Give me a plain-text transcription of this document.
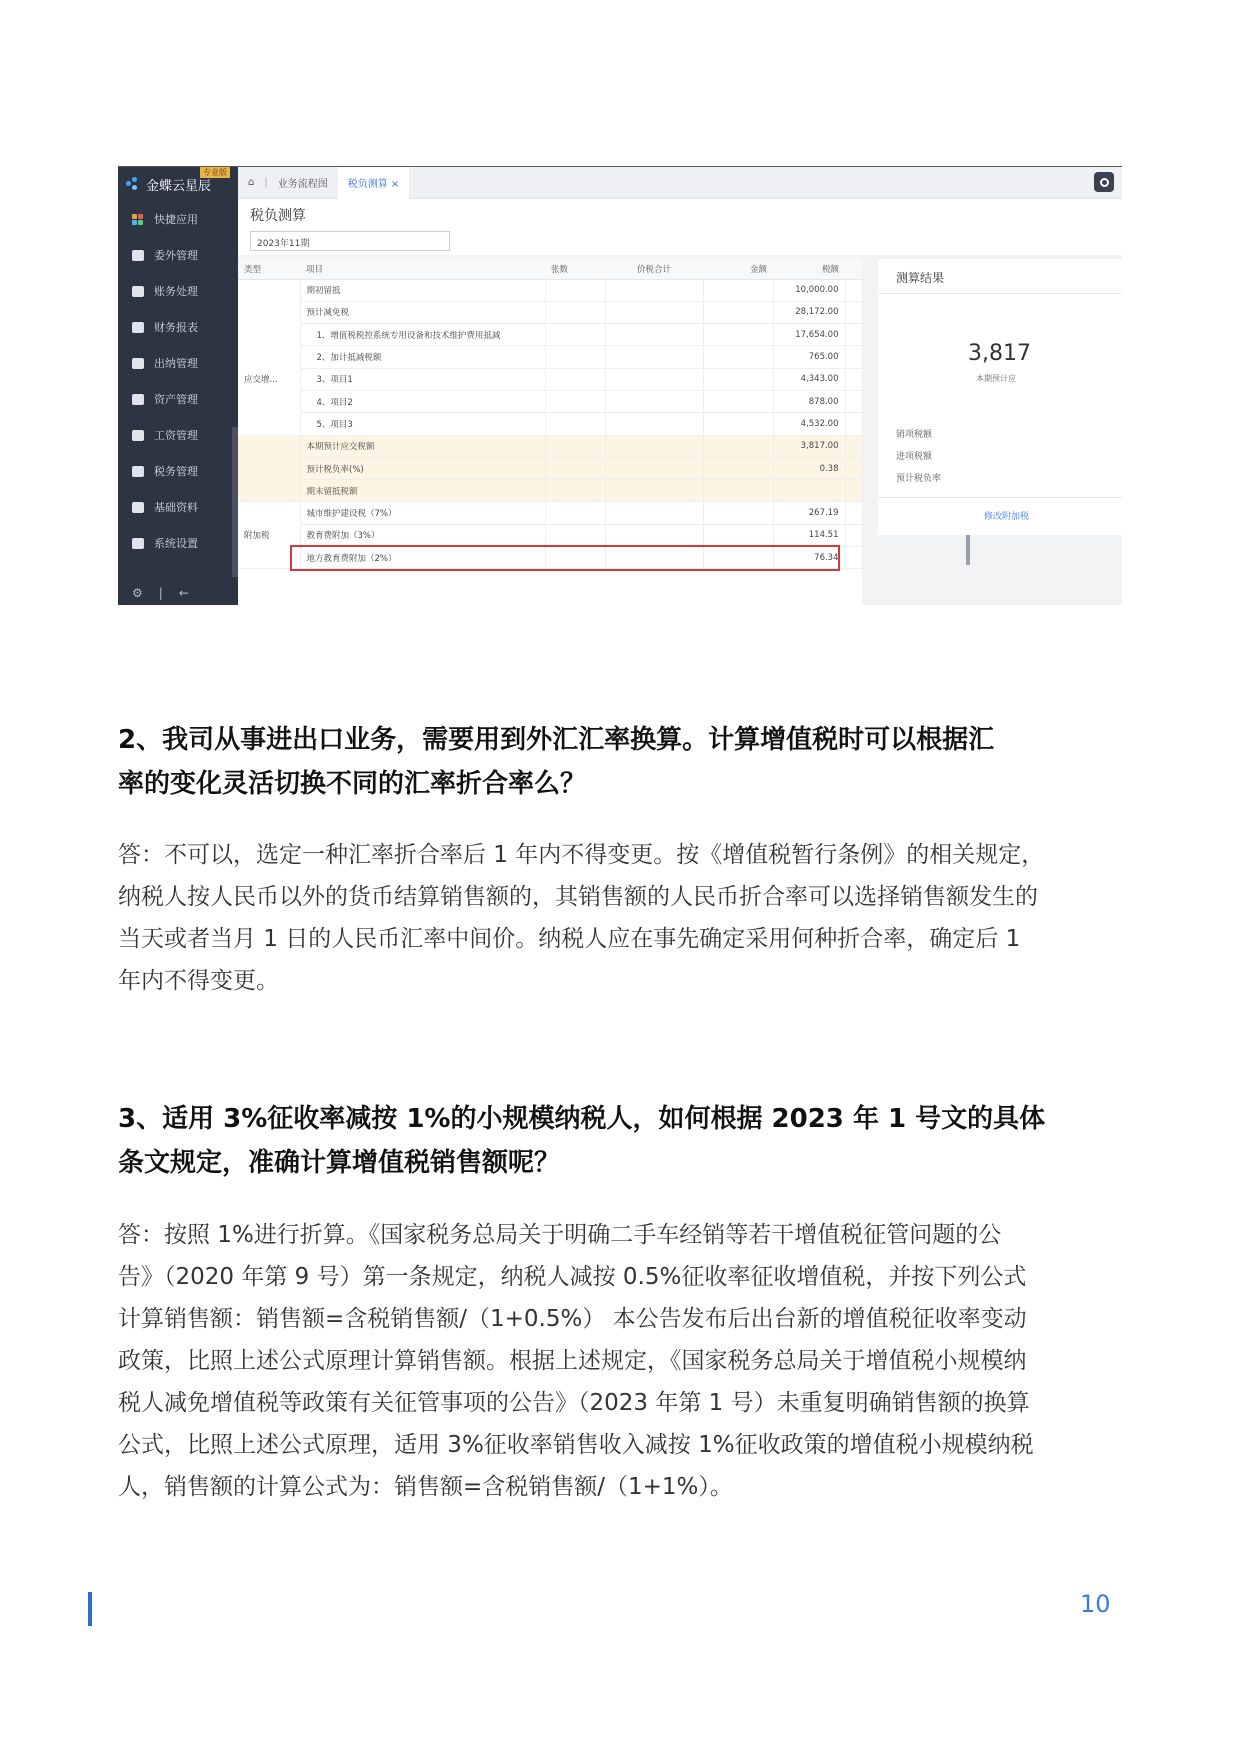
金蝶云星辰
专业版
快捷应用
委外管理
账务处理
财务报表
出纳管理
资产管理
工资管理
税务管理
基础资料
系统设置
⚙ | ←
⌂	|	业务流程图	税负测算 ×
税负测算
2023年11期
类型	项目	张数	价税合计	金额	税额	
	期初留抵				10,000.00	
	预计减免税				28,172.00	
	1、增值税税控系统专用设备和技术维护费用抵减				17,654.00	
	2、加计抵减税额				765.00	
应交增...	3、项目1				4,343.00	
	4、项目2				878.00	
	5、项目3				4,532.00	
	本期预计应交税额				3,817.00	
	预计税负率(%)				0.38	
	期末留抵税额					
	城市维护建设税（7%）				267.19	
附加税	教育费附加（3%）				114.51	
	地方教育费附加（2%）				76.34	
测算结果
3,817
本期预计应
销项税额
进项税额
预计税负率
修改附加税
2、我司从事进出口业务，需要用到外汇汇率换算。计算增值税时可以根据汇
率的变化灵活切换不同的汇率折合率么？
答：不可以，选定一种汇率折合率后 1 年内不得变更。按《增值税暂行条例》的相关规定，
纳税人按人民币以外的货币结算销售额的，其销售额的人民币折合率可以选择销售额发生的
当天或者当月 1 日的人民币汇率中间价。纳税人应在事先确定采用何种折合率，确定后 1
年内不得变更。
3、适用 3%征收率减按 1%的小规模纳税人，如何根据 2023 年 1 号文的具体
条文规定，准确计算增值税销售额呢？
答：按照 1%进行折算。《国家税务总局关于明确二手车经销等若干增值税征管问题的公
告》（2020 年第 9 号）第一条规定，纳税人减按 0.5%征收率征收增值税，并按下列公式
计算销售额：销售额=含税销售额/（1+0.5%） 本公告发布后出台新的增值税征收率变动
政策，比照上述公式原理计算销售额。根据上述规定，《国家税务总局关于增值税小规模纳
税人减免增值税等政策有关征管事项的公告》（2023 年第 1 号）未重复明确销售额的换算
公式，比照上述公式原理，适用 3%征收率销售收入减按 1%征收政策的增值税小规模纳税
人，销售额的计算公式为：销售额=含税销售额/（1+1%）。
10
